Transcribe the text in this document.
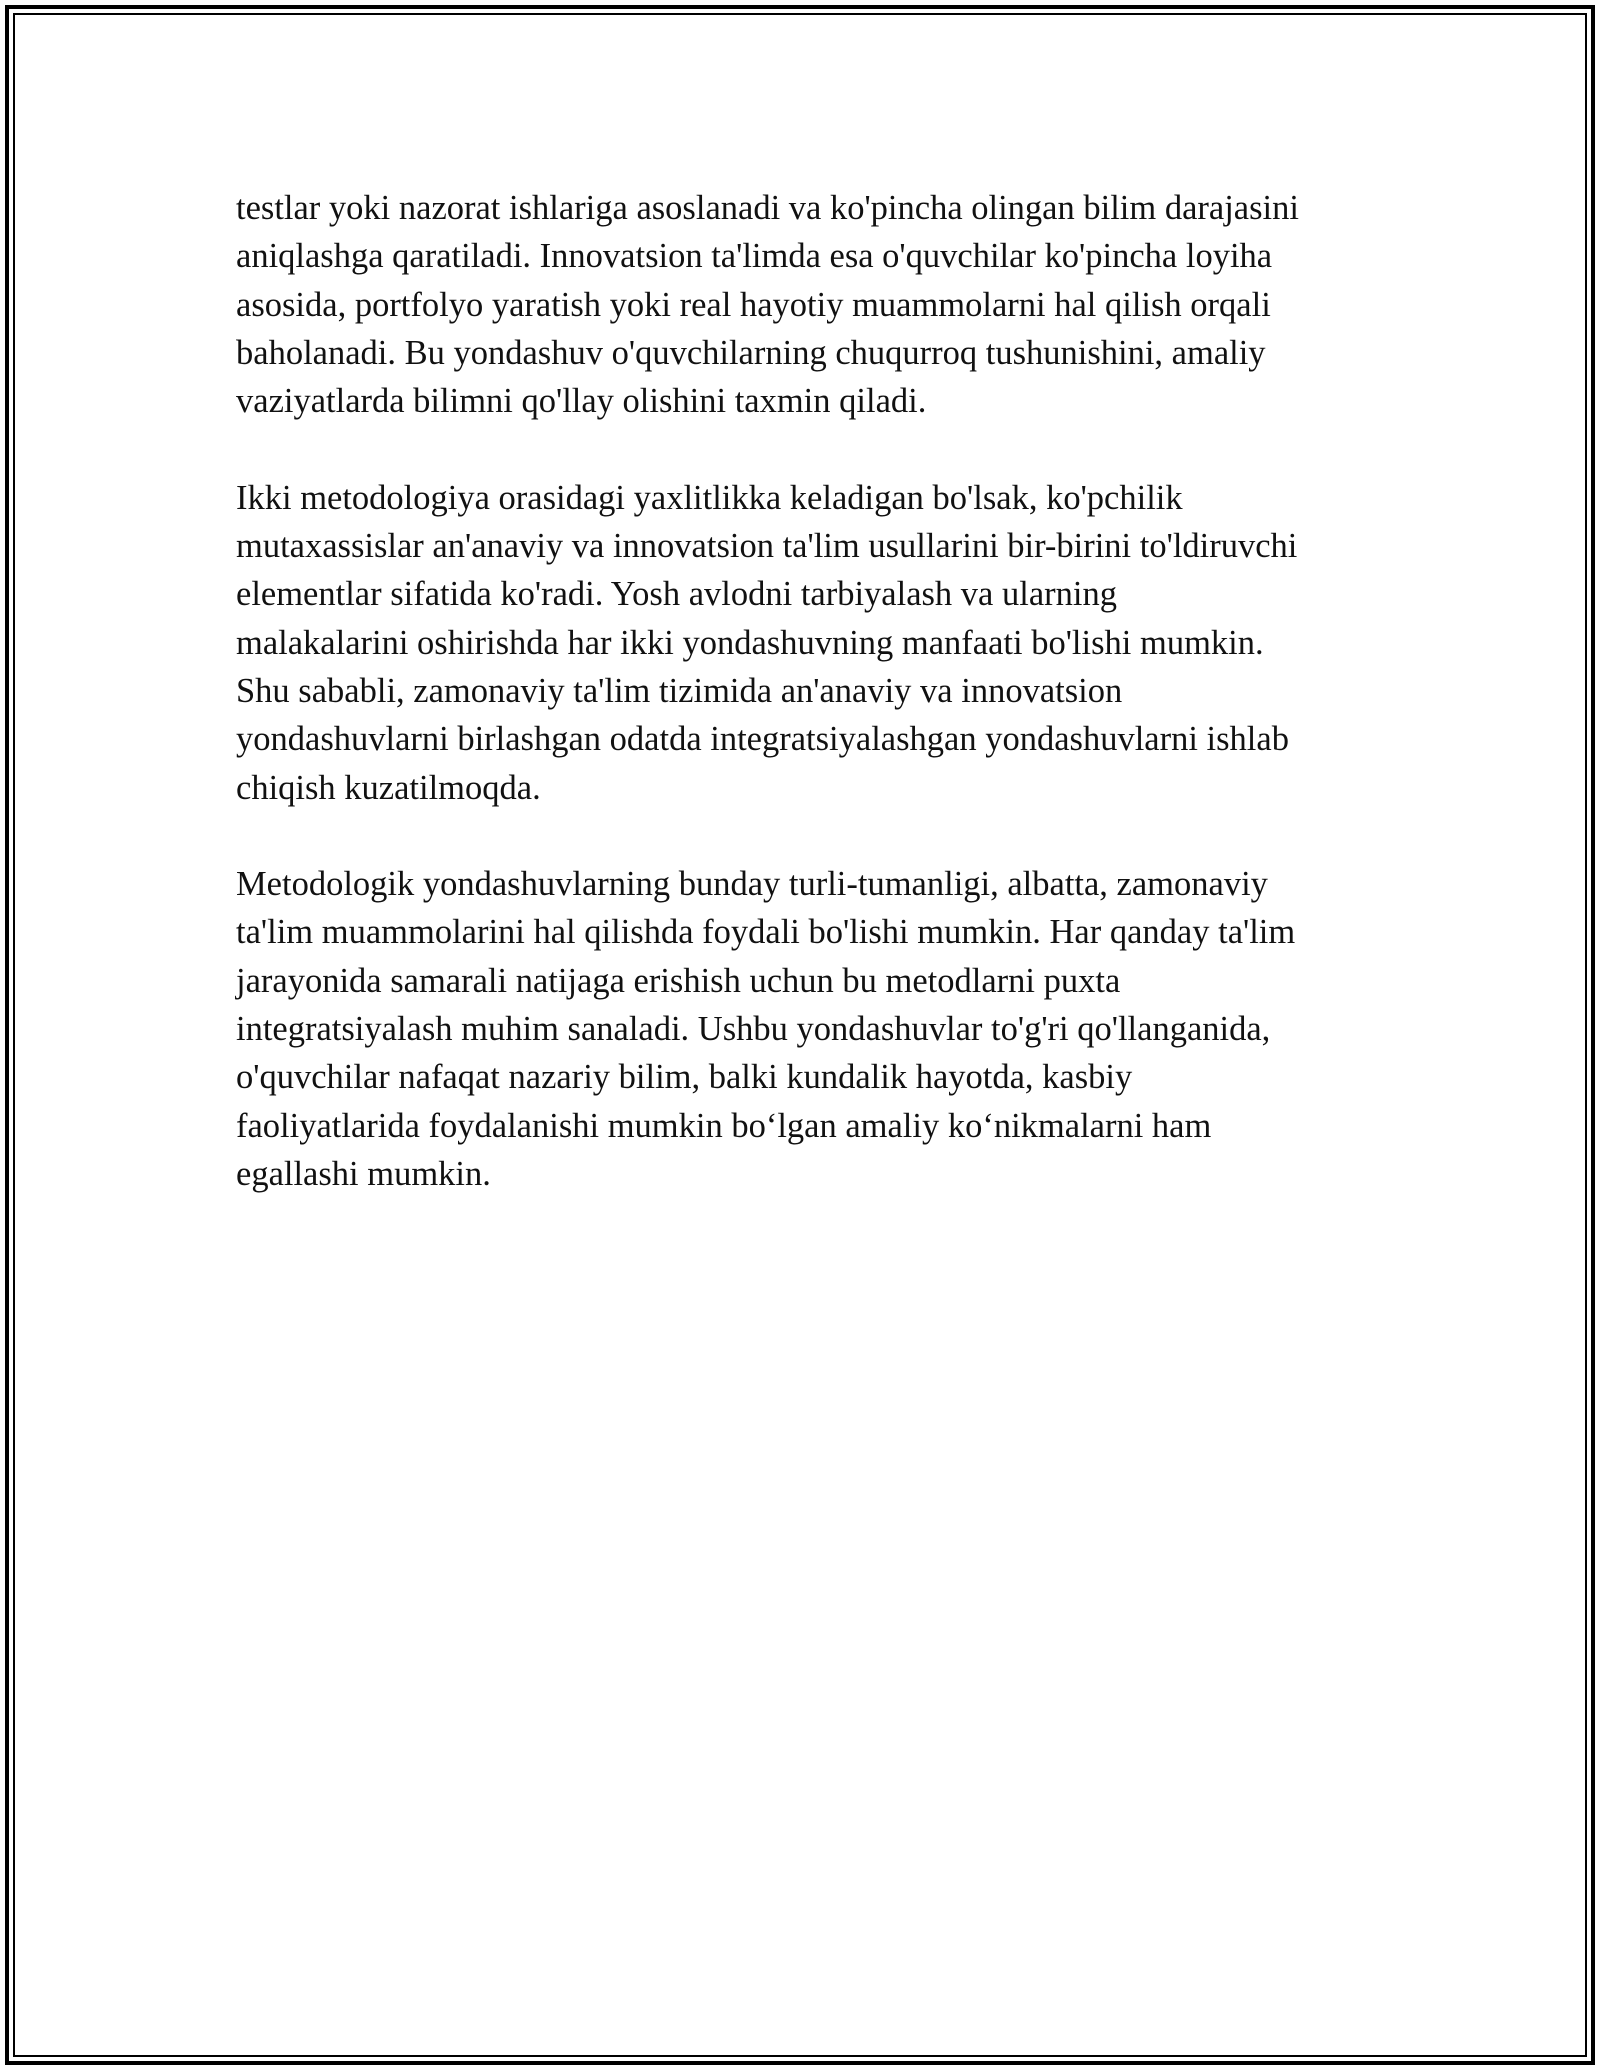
testlar yoki nazorat ishlariga asoslanadi va ko'pincha olingan bilim darajasini
aniqlashga qaratiladi. Innovatsion ta'limda esa o'quvchilar ko'pincha loyiha
asosida, portfolyo yaratish yoki real hayotiy muammolarni hal qilish orqali
baholanadi. Bu yondashuv o'quvchilarning chuqurroq tushunishini, amaliy
vaziyatlarda bilimni qo'llay olishini taxmin qiladi.

Ikki metodologiya orasidagi yaxlitlikka keladigan bo'lsak, ko'pchilik
mutaxassislar an'anaviy va innovatsion ta'lim usullarini bir-birini to'ldiruvchi
elementlar sifatida ko'radi. Yosh avlodni tarbiyalash va ularning
malakalarini oshirishda har ikki yondashuvning manfaati bo'lishi mumkin.
Shu sababli, zamonaviy ta'lim tizimida an'anaviy va innovatsion
yondashuvlarni birlashgan odatda integratsiyalashgan yondashuvlarni ishlab
chiqish kuzatilmoqda.

Metodologik yondashuvlarning bunday turli-tumanligi, albatta, zamonaviy
ta'lim muammolarini hal qilishda foydali bo'lishi mumkin. Har qanday ta'lim
jarayonida samarali natijaga erishish uchun bu metodlarni puxta
integratsiyalash muhim sanaladi. Ushbu yondashuvlar to'g'ri qo'llanganida,
o'quvchilar nafaqat nazariy bilim, balki kundalik hayotda, kasbiy
faoliyatlarida foydalanishi mumkin bo‘lgan amaliy ko‘nikmalarni ham
egallashi mumkin.
